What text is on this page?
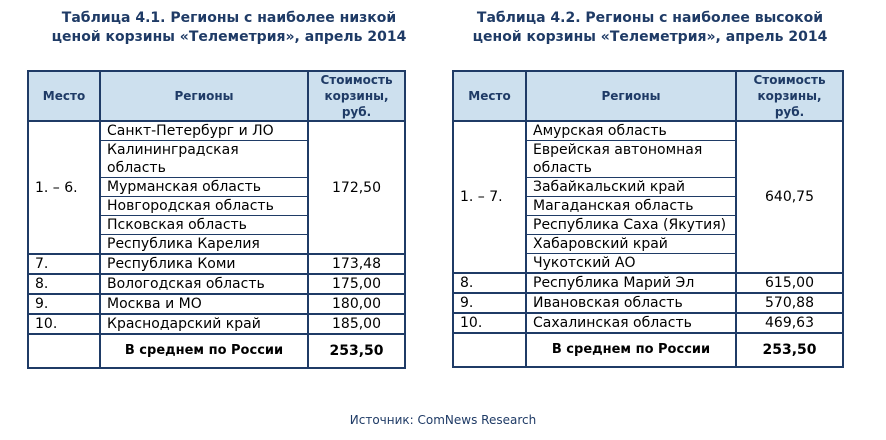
Таблица 4.1. Регионы с наиболее низкой
ценой корзины «Телеметрия», апрель 2014
Место	Регионы	Стоимость корзины, руб.
1. – 6.	Санкт-Петербург и ЛО	172,50
	Калининградская область	
	Мурманская область	
	Новгородская область	
	Псковская область	
	Республика Карелия	
7.	Республика Коми	173,48
8.	Вологодская область	175,00
9.	Москва и МО	180,00
10.	Краснодарский край	185,00
	В среднем по России	253,50
Таблица 4.2. Регионы с наиболее высокой
ценой корзины «Телеметрия», апрель 2014
Место	Регионы	Стоимость корзины, руб.
1. – 7.	Амурская область	640,75
	Еврейская автономная область	
	Забайкальский край	
	Магаданская область	
	Республика Саха (Якутия)	
	Хабаровский край	
	Чукотский АО	
8.	Республика Марий Эл	615,00
9.	Ивановская область	570,88
10.	Сахалинская область	469,63
	В среднем по России	253,50
Источник: ComNews Research
